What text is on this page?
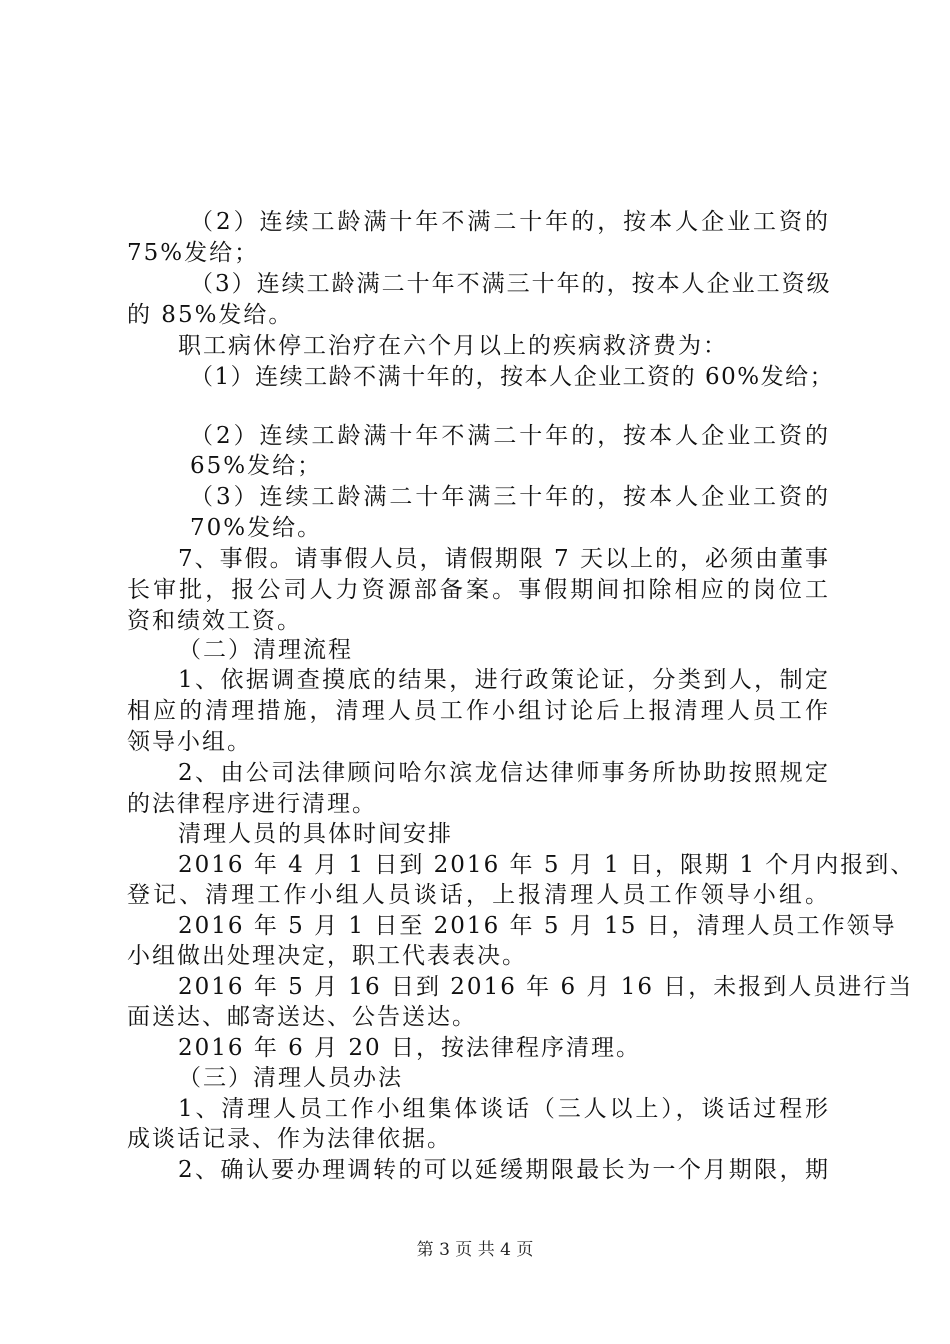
（2）连续工龄满十年不满二十年的，按本人企业工资的
75%发给；
（3）连续工龄满二十年不满三十年的，按本人企业工资级
的 85%发给。
职工病休停工治疗在六个月以上的疾病救济费为：
（1）连续工龄不满十年的，按本人企业工资的 60%发给；
（2）连续工龄满十年不满二十年的，按本人企业工资的
65%发给；
（3）连续工龄满二十年满三十年的，按本人企业工资的
70%发给。
7、事假。请事假人员，请假期限 7 天以上的，必须由董事
长审批，报公司人力资源部备案。事假期间扣除相应的岗位工
资和绩效工资。
（二）清理流程
1、依据调查摸底的结果，进行政策论证，分类到人，制定
相应的清理措施，清理人员工作小组讨论后上报清理人员工作
领导小组。
2、由公司法律顾问哈尔滨龙信达律师事务所协助按照规定
的法律程序进行清理。
清理人员的具体时间安排
2016 年 4 月 1 日到 2016 年 5 月 1 日，限期 1 个月内报到、
登记、清理工作小组人员谈话，上报清理人员工作领导小组。
2016 年 5 月 1 日至 2016 年 5 月 15 日，清理人员工作领导
小组做出处理决定，职工代表表决。
2016 年 5 月 16 日到 2016 年 6 月 16 日，未报到人员进行当
面送达、邮寄送达、公告送达。
2016 年 6 月 20 日，按法律程序清理。
（三）清理人员办法
1、清理人员工作小组集体谈话（三人以上），谈话过程形
成谈话记录、作为法律依据。
2、确认要办理调转的可以延缓期限最长为一个月期限，期
第 3 页 共 4 页
